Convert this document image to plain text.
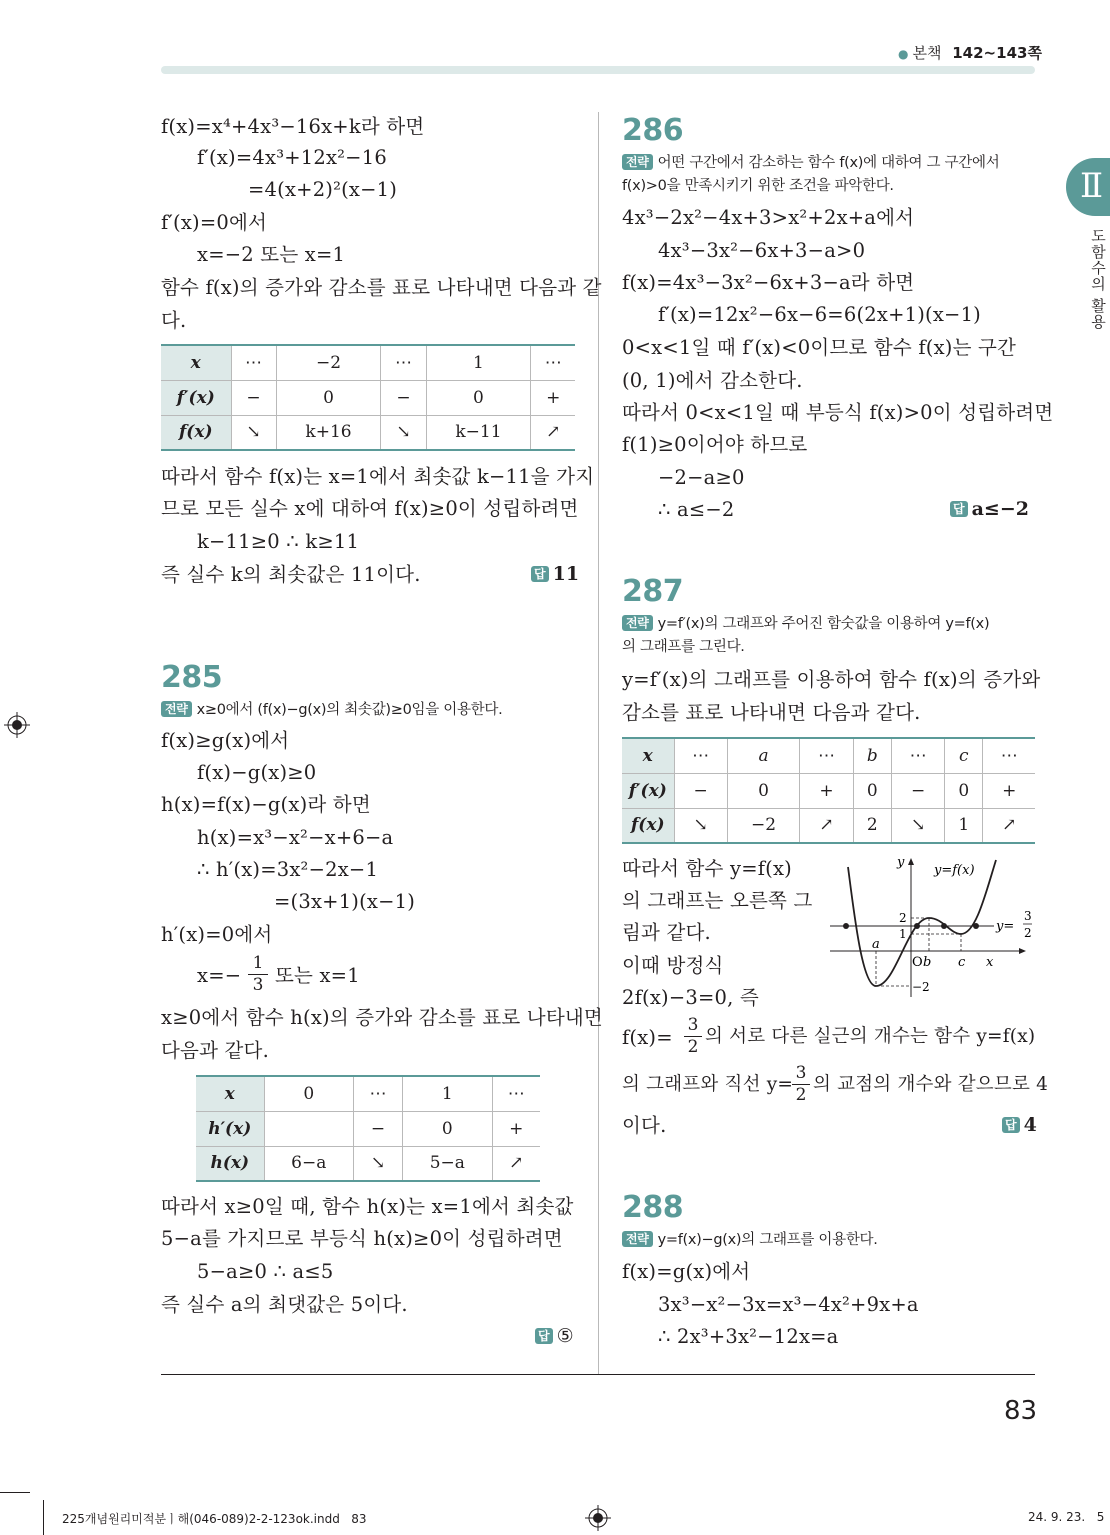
● 본책 142~143쪽
Ⅱ
도함수의 활용
f(x)=x⁴+4x³−16x+k라 하면
f′(x)=4x³+12x²−16
=4(x+2)²(x−1)
f′(x)=0에서
x=−2 또는 x=1
함수 f(x)의 증가와 감소를 표로 나타내면 다음과 같
다.
x	⋯	−2	⋯	1	⋯
f′(x)	−	0	−	0	+
f(x)	↘	k+16	↘	k−11	↗
따라서 함수 f(x)는 x=1에서 최솟값 k−11을 가지
므로 모든 실수 x에 대하여 f(x)≥0이 성립하려면
k−11≥0 ∴ k≥11
즉 실수 k의 최솟값은 11이다.	답 11
285
전략 x≥0에서 (f(x)−g(x)의 최솟값)≥0임을 이용한다.
f(x)≥g(x)에서
f(x)−g(x)≥0
h(x)=f(x)−g(x)라 하면
h(x)=x³−x²−x+6−a
∴ h′(x)=3x²−2x−1
=(3x+1)(x−1)
h′(x)=0에서
x=−
1
3 또는 x=1
x≥0에서 함수 h(x)의 증가와 감소를 표로 나타내면
다음과 같다.
x	0	⋯	1	⋯
h′(x)		−	0	+
h(x)	6−a	↘	5−a	↗
따라서 x≥0일 때, 함수 h(x)는 x=1에서 최솟값
5−a를 가지므로 부등식 h(x)≥0이 성립하려면
5−a≥0 ∴ a≤5
즉 실수 a의 최댓값은 5이다.
답 ⑤
286
전략 어떤 구간에서 감소하는 함수 f(x)에 대하여 그 구간에서
f(x)>0을 만족시키기 위한 조건을 파악한다.
4x³−2x²−4x+3>x²+2x+a에서
4x³−3x²−6x+3−a>0
f(x)=4x³−3x²−6x+3−a라 하면
f′(x)=12x²−6x−6=6(2x+1)(x−1)
0<x<1일 때 f′(x)<0이므로 함수 f(x)는 구간
(0, 1)에서 감소한다.
따라서 0<x<1일 때 부등식 f(x)>0이 성립하려면
f(1)≥0이어야 하므로
−2−a≥0
∴ a≤−2	답 a≤−2
287
전략 y=f′(x)의 그래프와 주어진 함숫값을 이용하여 y=f(x)
의 그래프를 그린다.
y=f′(x)의 그래프를 이용하여 함수 f(x)의 증가와
감소를 표로 나타내면 다음과 같다.
x	⋯	a	⋯	b	⋯	c	⋯
f′(x)	−	0	+	0	−	0	+
f(x)	↘	−2	↗	2	↘	1	↗
따라서 함수 y=f(x)
의 그래프는 오른쪽 그
림과 같다.
이때 방정식
2f(x)−3=0, 즉
y
y=f(x)
y=
3
2
2
1
a
O b c x
−2
f(x)=
3
2 의 서로 다른 실근의 개수는 함수 y=f(x)
의 그래프와 직선 y=
3
2 의 교점의 개수와 같으므로 4
이다.	답 4
288
전략 y=f(x)−g(x)의 그래프를 이용한다.
f(x)=g(x)에서
3x³−x²−3x=x³−4x²+9x+a
∴ 2x³+3x²−12x=a
83
225개념원리미적분ㅣ해(046-089)2-2-123ok.indd   83	24. 9. 23.   5
